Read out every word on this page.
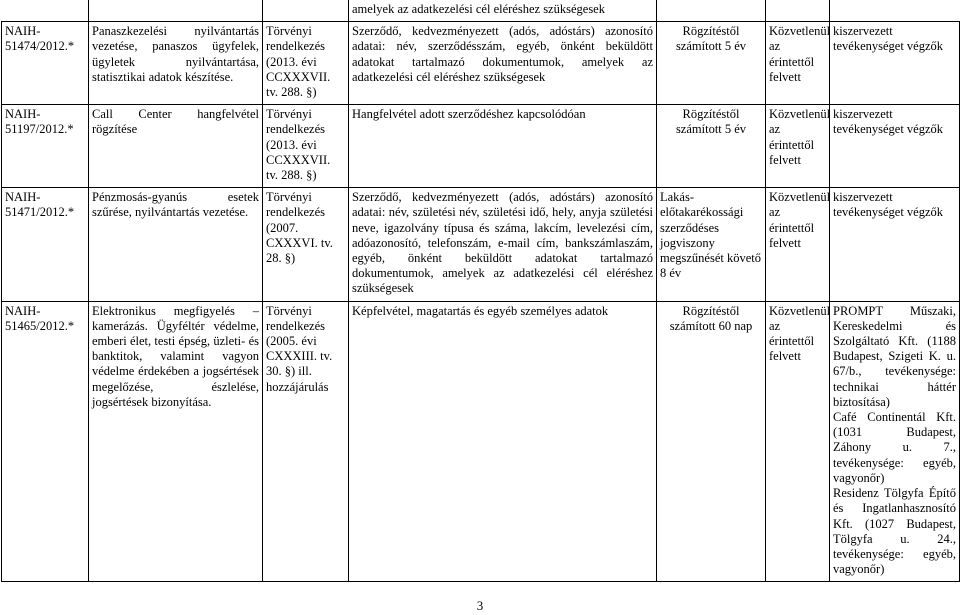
			amelyek az adatkezelési cél eléréshez szükségesek			
NAIH-51474/2012.*	Panaszkezelési nyilvántartás vezetése, panaszos ügyfelek, ügyletek nyilvántartása, statisztikai adatok készítése.	Törvényi rendelkezés (2013. évi CCXXXVII. tv. 288. §)	Szerződő, kedvezményezett (adós, adóstárs) azonosító adatai: név, szerződésszám, egyéb, önként beküldött adatokat tartalmazó dokumentumok, amelyek az adatkezelési cél eléréshez szükségesek	Rögzítéstől számított 5 év	Közvetlenül az érintettől felvett	kiszervezett tevékenységet végzők
NAIH-51197/2012.*	Call Center hangfelvétel rögzítése	Törvényi rendelkezés (2013. évi CCXXXVII. tv. 288. §)	Hangfelvétel adott szerződéshez kapcsolódóan	Rögzítéstől számított 5 év	Közvetlenül az érintettől felvett	kiszervezett tevékenységet végzők
NAIH-51471/2012.*	Pénzmosás-gyanús esetek szűrése, nyilvántartás vezetése.	Törvényi rendelkezés (2007. CXXXVI. tv. 28. §)	Szerződő, kedvezményezett (adós, adóstárs) azonosító adatai: név, születési név, születési idő, hely, anyja születési neve, igazolvány típusa és száma, lakcím, levelezési cím, adóazonosító, telefonszám, e-mail cím, bankszámlaszám, egyéb, önként beküldött adatokat tartalmazó dokumentumok, amelyek az adatkezelési cél eléréshez szükségesek	Lakás-előtakarékossági szerződéses jogviszony megszűnését követő 8 év	Közvetlenül az érintettől felvett	kiszervezett tevékenységet végzők
NAIH-51465/2012.*	Elektronikus megfigyelés – kamerázás. Ügyféltér védelme, emberi élet, testi épség, üzleti- és banktitok, valamint vagyon védelme érdekében a jogsértések megelőzése, észlelése, jogsértések bizonyítása.	Törvényi rendelkezés (2005. évi CXXXIII. tv. 30. §) ill. hozzájárulás	Képfelvétel, magatartás és egyéb személyes adatok	Rögzítéstől számított 60 nap	Közvetlenül az érintettől felvett	PROMPT Műszaki, Kereskedelmi és Szolgáltató Kft. (1188 Budapest, Szigeti K. u. 67/b., tevékenysége: technikai háttér biztosítása)
Café Continentál Kft. (1031 Budapest, Záhony u. 7., tevékenysége: egyéb, vagyonőr)
Residenz Tölgyfa Építő és Ingatlanhasznosító Kft. (1027 Budapest, Tölgyfa u. 24., tevékenysége: egyéb, vagyonőr)
3
